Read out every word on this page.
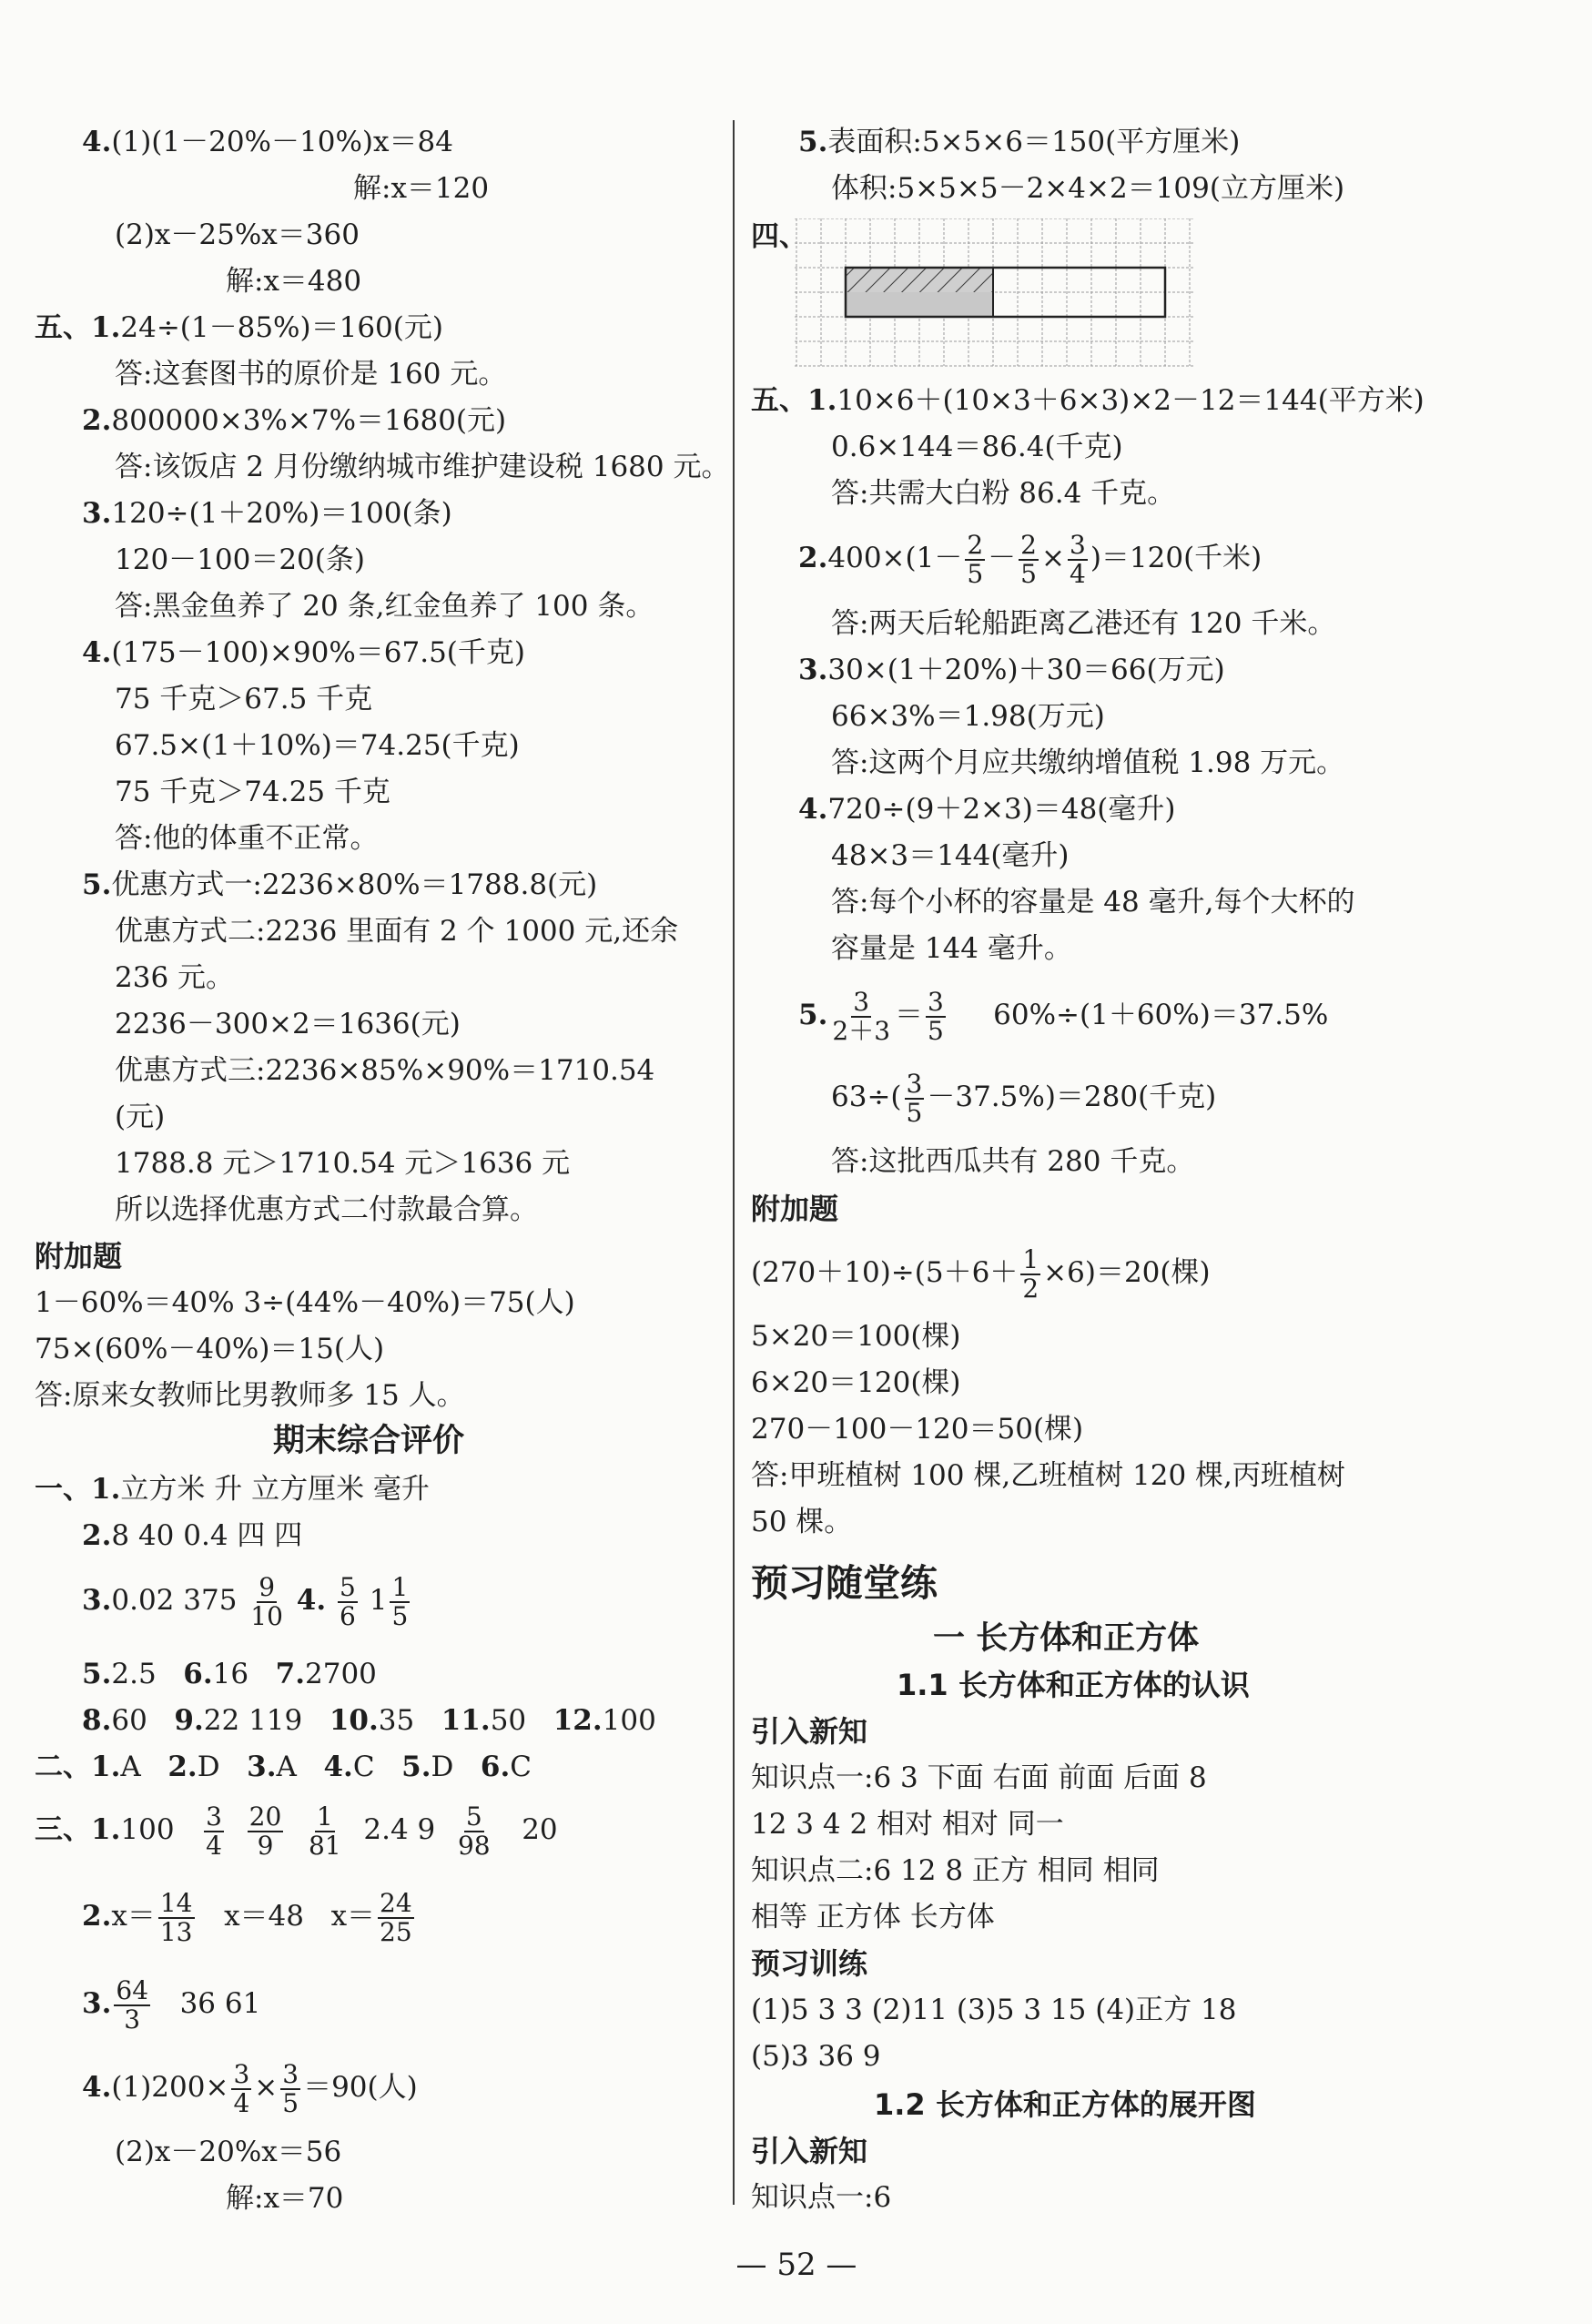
4.(1)(1－20%－10%)x＝84
解:x＝120
(2)x－25%x＝360
解:x＝480
五、1.24÷(1－85%)＝160(元)
答:这套图书的原价是 160 元。
2.800000×3%×7%＝1680(元)
答:该饭店 2 月份缴纳城市维护建设税 1680 元。
3.120÷(1＋20%)＝100(条)
120－100＝20(条)
答:黑金鱼养了 20 条,红金鱼养了 100 条。
4.(175－100)×90%＝67.5(千克)
75 千克＞67.5 千克
67.5×(1＋10%)＝74.25(千克)
75 千克＞74.25 千克
答:他的体重不正常。
5.优惠方式一:2236×80%＝1788.8(元)
优惠方式二:2236 里面有 2 个 1000 元,还余
236 元。
2236－300×2＝1636(元)
优惠方式三:2236×85%×90%＝1710.54
(元)
1788.8 元＞1710.54 元＞1636 元
所以选择优惠方式二付款最合算。
附加题
1－60%＝40% 3÷(44%－40%)＝75(人)
75×(60%－40%)＝15(人)
答:原来女教师比男教师多 15 人。
期末综合评价
一、1.立方米 升 立方厘米 毫升
2.8 40 0.4 四 四
3.0.02 $375 \frac{9}{10} 4$. $\frac{5}{6} 1 \frac{1}{5}$
5.2.5 6.16 7.2700
8.60 9.22 119 10.35 11.50 12.100
二、1.A 2.D 3.A 4.C 5.D 6.C
三、$1.100 \frac{3}{4}$
$\frac{20}{9}$
$\frac{1}{81} 2.4$ $9 \frac{5}{98} 20$
$2.x= \frac{14}{13} x=48$ $x= \frac{24}{25}$
3. $\frac{64}{3} 36$ 61
$4.(1)200\times \frac{3}{4} \times \frac{3}{5} =90$(人)
(2)x－20%x＝56
解:x＝70
5.表面积:5×5×6＝150(平方厘米)
体积:5×5×5－2×4×2＝109(立方厘米)
四、
五、1.10×6＋(10×3＋6×3)×2－12＝144(平方米)
0.6×144＝86.4(千克)
答:共需大白粉 86.4 千克。
$2.400\times(1- \frac{2}{5} - \frac{2}{5} \times \frac{3}{4} )=120$(千米)
答:两天后轮船距离乙港还有 120 千米。
3.30×(1＋20%)＋30＝66(万元)
66×3%＝1.98(万元)
答:这两个月应共缴纳增值税 1.98 万元。
4.720÷(9＋2×3)＝48(毫升)
48×3＝144(毫升)
答:每个小杯的容量是 48 毫升,每个大杯的
容量是 144 毫升。
5. $\frac{3}{2+3} = \frac{3}{5} 60\%\div(1+60\%)=37.5\%$
$63\div( \frac{3}{5} -37.5\%)=280$(千克)
答:这批西瓜共有 280 千克。
附加题
$(270+10)\div(5+6+ \frac{1}{2} \times 6)=20$(棵)
5×20＝100(棵)
6×20＝120(棵)
270－100－120＝50(棵)
答:甲班植树 100 棵,乙班植树 120 棵,丙班植树
50 棵。
预习随堂练
一 长方体和正方体
1.1 长方体和正方体的认识
引入新知
知识点一:6 3 下面 右面 前面 后面 8
12 3 4 2 相对 相对 同一
知识点二:6 12 8 正方 相同 相同
相等 正方体 长方体
预习训练
(1)5 3 3 (2)11 (3)5 3 15 (4)正方 18
(5)3 36 9
1.2 长方体和正方体的展开图
引入新知
知识点一:6
— 52 —
